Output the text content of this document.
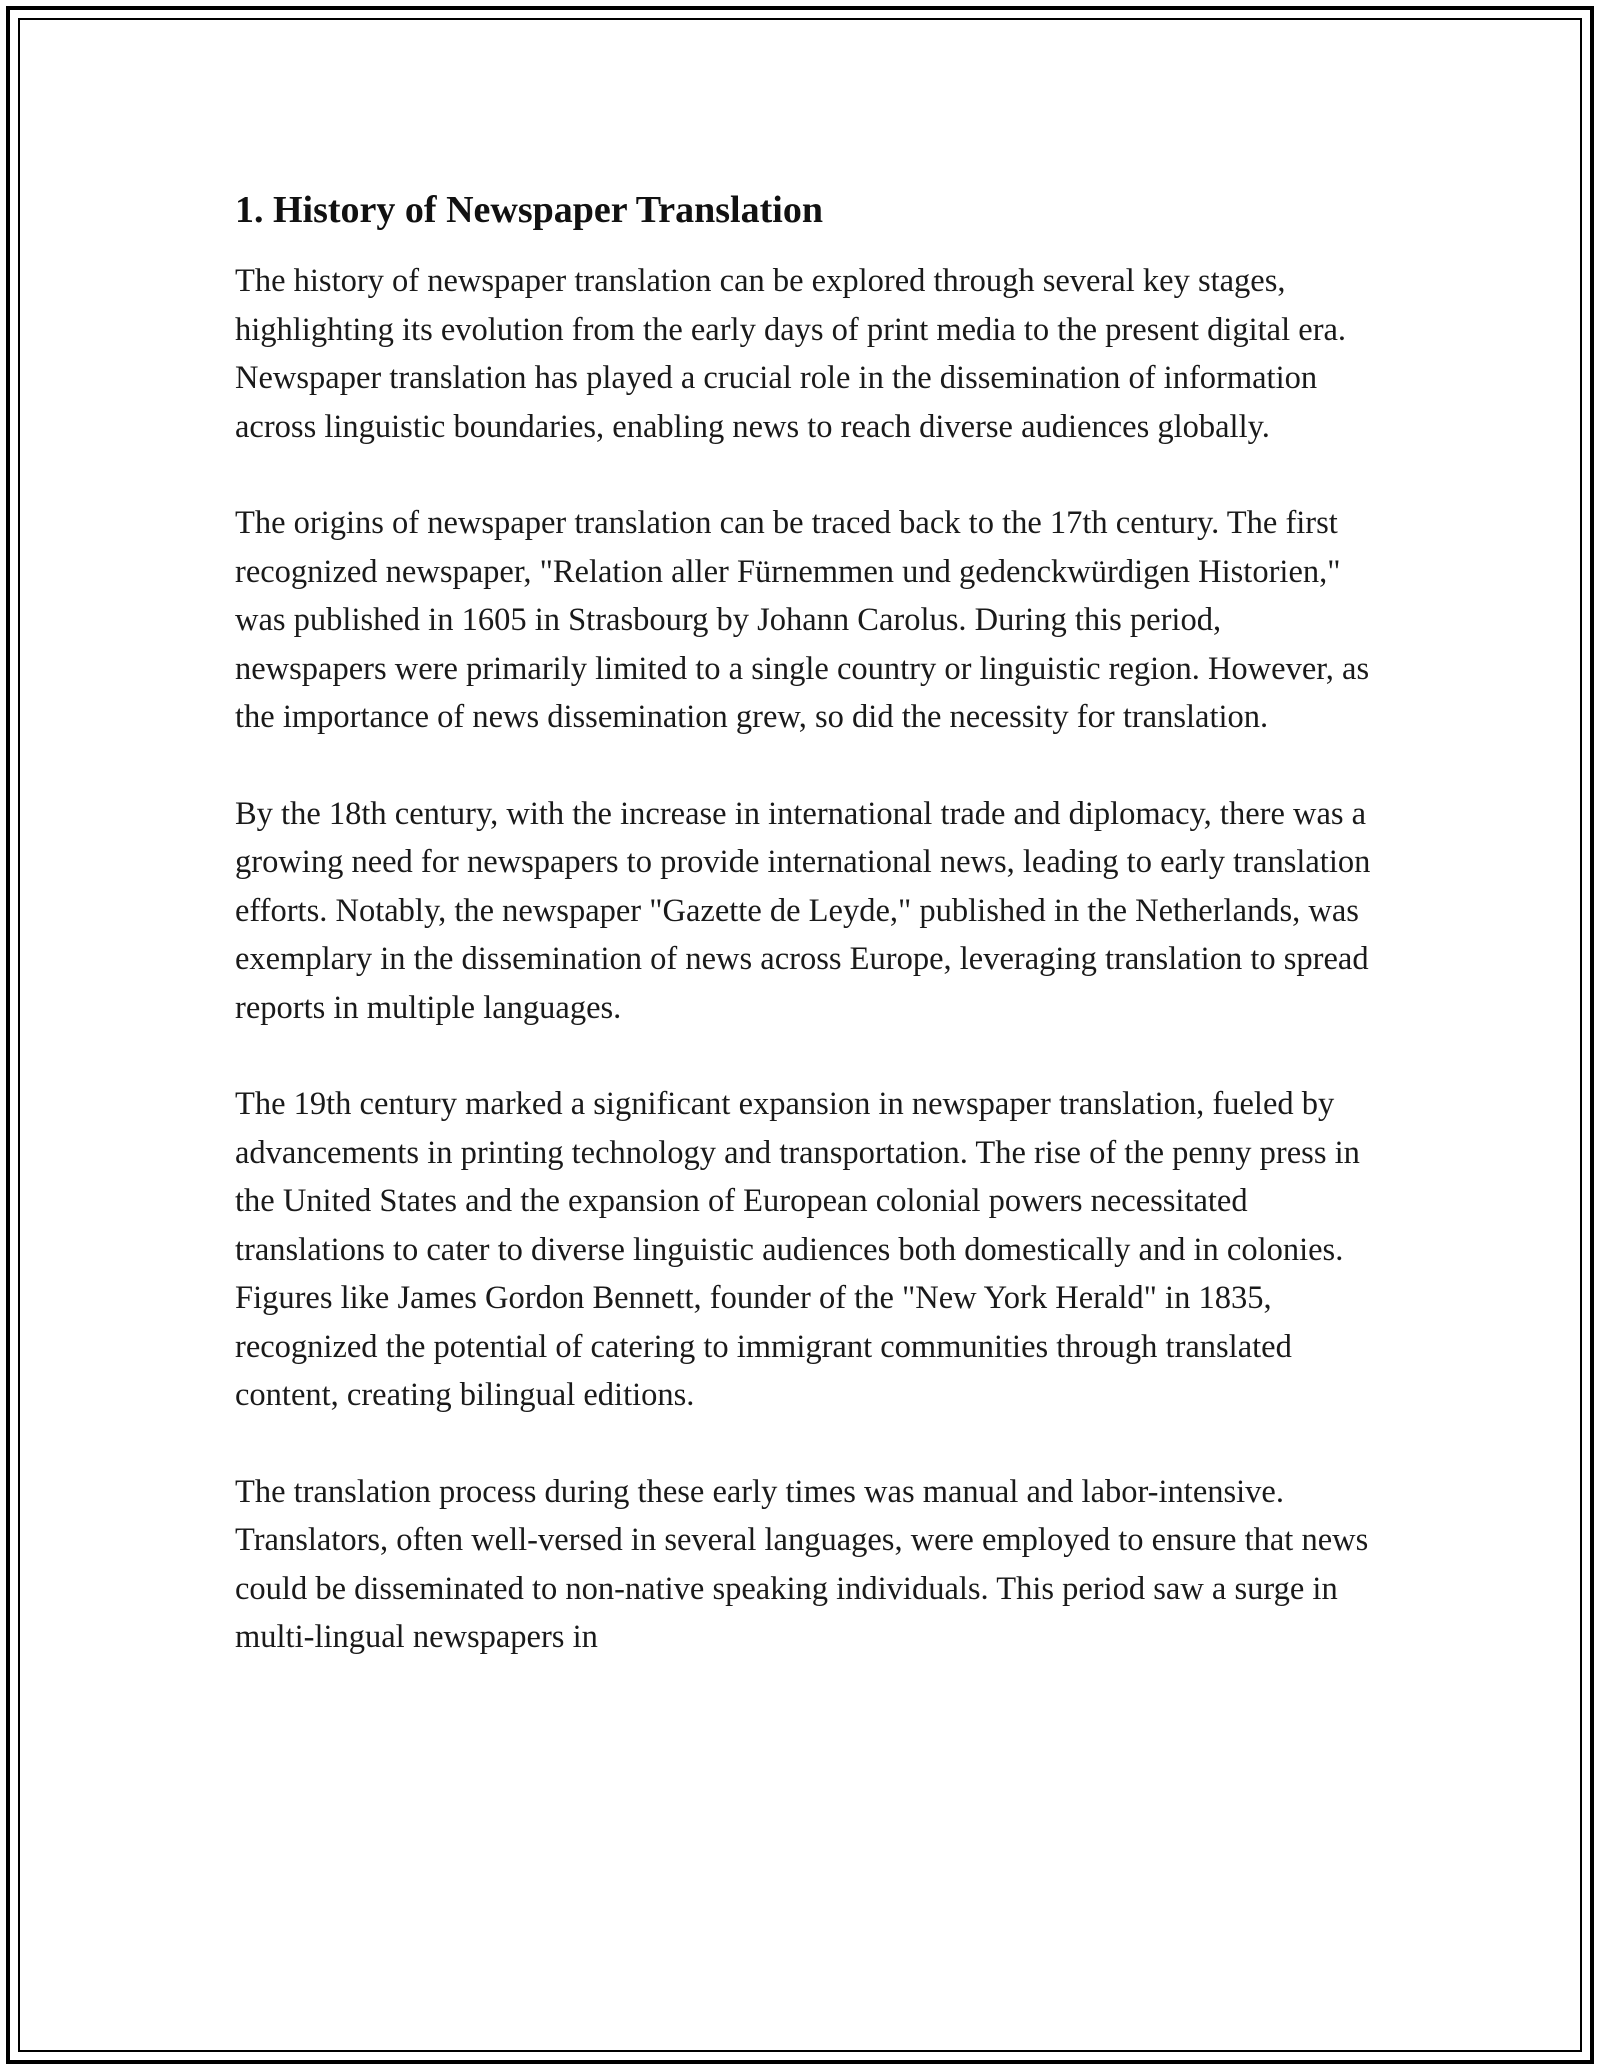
1. History of Newspaper Translation

The history of newspaper translation can be explored through several key stages, highlighting its evolution from the early days of print media to the present digital era. Newspaper translation has played a crucial role in the dissemination of information across linguistic boundaries, enabling news to reach diverse audiences globally.

The origins of newspaper translation can be traced back to the 17th century. The first recognized newspaper, "Relation aller Fürnemmen und gedenckwürdigen Historien," was published in 1605 in Strasbourg by Johann Carolus. During this period, newspapers were primarily limited to a single country or linguistic region. However, as the importance of news dissemination grew, so did the necessity for translation.

By the 18th century, with the increase in international trade and diplomacy, there was a growing need for newspapers to provide international news, leading to early translation efforts. Notably, the newspaper "Gazette de Leyde," published in the Netherlands, was exemplary in the dissemination of news across Europe, leveraging translation to spread reports in multiple languages.

The 19th century marked a significant expansion in newspaper translation, fueled by advancements in printing technology and transportation. The rise of the penny press in the United States and the expansion of European colonial powers necessitated translations to cater to diverse linguistic audiences both domestically and in colonies. Figures like James Gordon Bennett, founder of the "New York Herald" in 1835, recognized the potential of catering to immigrant communities through translated content, creating bilingual editions.

The translation process during these early times was manual and labor-intensive. Translators, often well-versed in several languages, were employed to ensure that news could be disseminated to non-native speaking individuals. This period saw a surge in multi-lingual newspapers in
